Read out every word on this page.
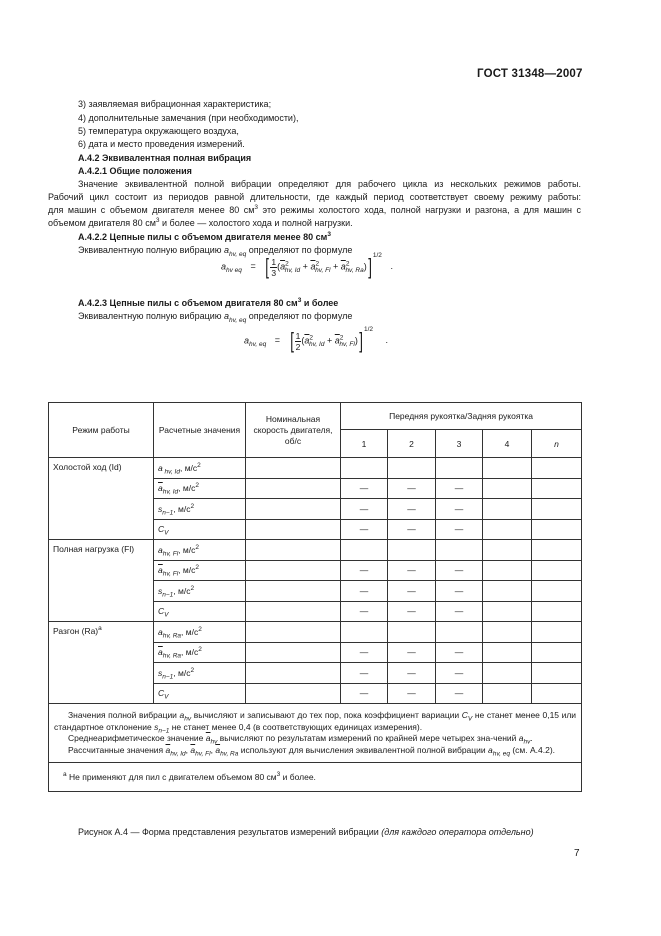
ГОСТ 31348—2007
3) заявляемая вибрационная характеристика;
4) дополнительные замечания (при необходимости),
5) температура окружающего воздуха,
6) дата и место проведения измерений.
А.4.2 Эквивалентная полная вибрация
А.4.2.1 Общие положения
Значение эквивалентной полной вибрации определяют для рабочего цикла из нескольких режимов работы.
Рабочий цикл состоит из периодов равной длительности, где каждый период соответствует своему режиму работы:
для машин с объемом двигателя менее 80 $см^3$ это режимы холостого хода, полной нагрузки и разгона, а для машин с
объемом двигателя 80 $см^3$ и более — холостого хода и полной нагрузки.
А.4.2.2 Цепные пилы с объемом двигателя менее 80 $см^3$
Эквивалентную полную вибрацию $a_{hv, eq}$ определяют по формуле
$a_{hv eq}$ = [ $\frac{1}{3} (\overline{a}^2_{hv, Id} + \overline{a}^2_{hv, Fl} + \overline{a}^2_{hv, Ra})]^{1/2}$ .
А.4.2.3 Цепные пилы с объемом двигателя 80 $см^3$ и более
Эквивалентную полную вибрацию $a_{hv, eq}$ определяют по формуле
$a_{hv, eq}$ = [ $\frac{1}{2} (\overline{a}^2_{hv, Id} + \overline{a}^2_{hv, Fl})]^{1/2}$ .
Режим работы	Расчетные значения	Номинальная скорость двигателя, об/с	Передняя рукоятка/Задняя рукоятка				
			1	2	3	4	n
Холостой ход (Id)	a $_{hv, Id}$, $м/с^2$						
	$\overline{a}_{hv, Id}$, $м/с^2$		—	—	—		
	$s_{n-1}$, $м/с^2$		—	—	—		
	$C_V$		—	—	—		
Полная нагрузка (Fl)	$a_{hv, Fl}$, $м/с^2$						
	$\overline{a}_{hv, Fl}$, $м/с^2$		—	—	—		
	$s_{n-1}$, $м/с^2$		—	—	—		
	$C_V$		—	—	—		
Разгон $(Ra)^a$	$a_{hv, Ra}$, $м/с^2$						
	$\overline{a}_{hv, Ra}$, $м/с^2$		—	—	—		
	$s_{n-1}$, $м/с^2$		—	—	—		
	$C_V$		—	—	—		

Значения полной вибрации $a_{hv}$ вычисляют и записывают до тех пор, пока коэффициент вариации $C_V$ не станет менее 0,15 или стандартное отклонение $s_{n-1}$ не станет менее 0,4 (в соответствующих единицах измерения).

Среднеарифметическое значение $\overline{a}_{hv}$ вычисляют по результатам измерений по крайней мере четырех зна-чений $a_{hv}$.

Рассчитанные значения $\overline{a}_{hv, Id}$, $\overline{a}_{hv, Fl}$, $\overline{a}_{hv, Ra}$ используют для вычисления эквивалентной полной вибрации $a_{hv, eq}$ (см. А.4.2).							

$^a$ Не применяют для пил с двигателем объемом 80 $см^3$ и более.							
Рисунок А.4 — Форма представления результатов измерений вибрации (для каждого оператора отдельно)
7
